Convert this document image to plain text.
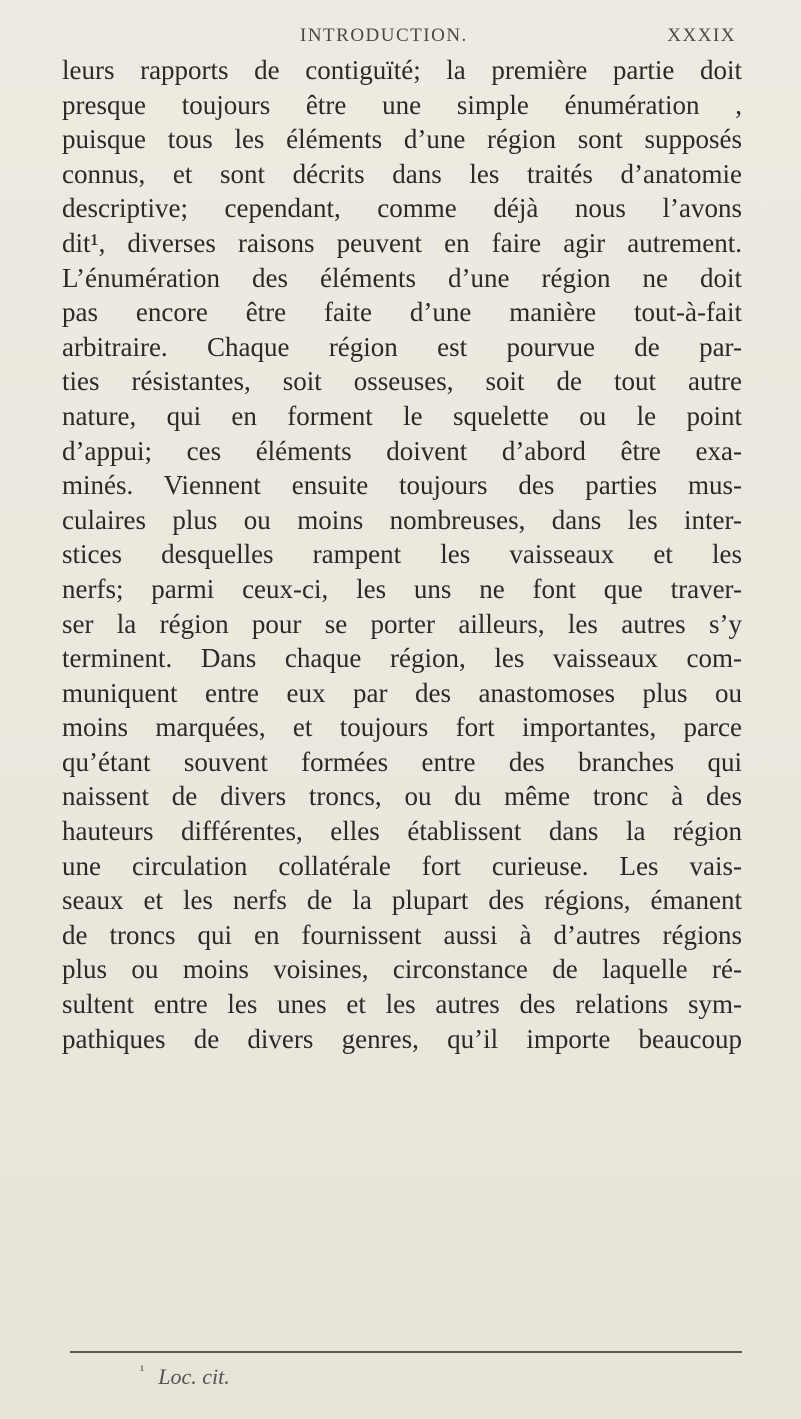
INTRODUCTION.	XXXIX
leurs rapports de contiguïté; la première partie doit
presque toujours être une simple énumération ,
puisque tous les éléments d’une région sont supposés
connus, et sont décrits dans les traités d’anatomie
descriptive; cependant, comme déjà nous l’avons
dit¹, diverses raisons peuvent en faire agir autrement.
L’énumération des éléments d’une région ne doit
pas encore être faite d’une manière tout-à-fait
arbitraire. Chaque région est pourvue de par-
ties résistantes, soit osseuses, soit de tout autre
nature, qui en forment le squelette ou le point
d’appui; ces éléments doivent d’abord être exa-
minés. Viennent ensuite toujours des parties mus-
culaires plus ou moins nombreuses, dans les inter-
stices desquelles rampent les vaisseaux et les
nerfs; parmi ceux-ci, les uns ne font que traver-
ser la région pour se porter ailleurs, les autres s’y
terminent. Dans chaque région, les vaisseaux com-
muniquent entre eux par des anastomoses plus ou
moins marquées, et toujours fort importantes, parce
qu’étant souvent formées entre des branches qui
naissent de divers troncs, ou du même tronc à des
hauteurs différentes, elles établissent dans la région
une circulation collatérale fort curieuse. Les vais-
seaux et les nerfs de la plupart des régions, émanent
de troncs qui en fournissent aussi à d’autres régions
plus ou moins voisines, circonstance de laquelle ré-
sultent entre les unes et les autres des relations sym-
pathiques de divers genres, qu’il importe beaucoup
$^{^1}$ Loc. cit.
